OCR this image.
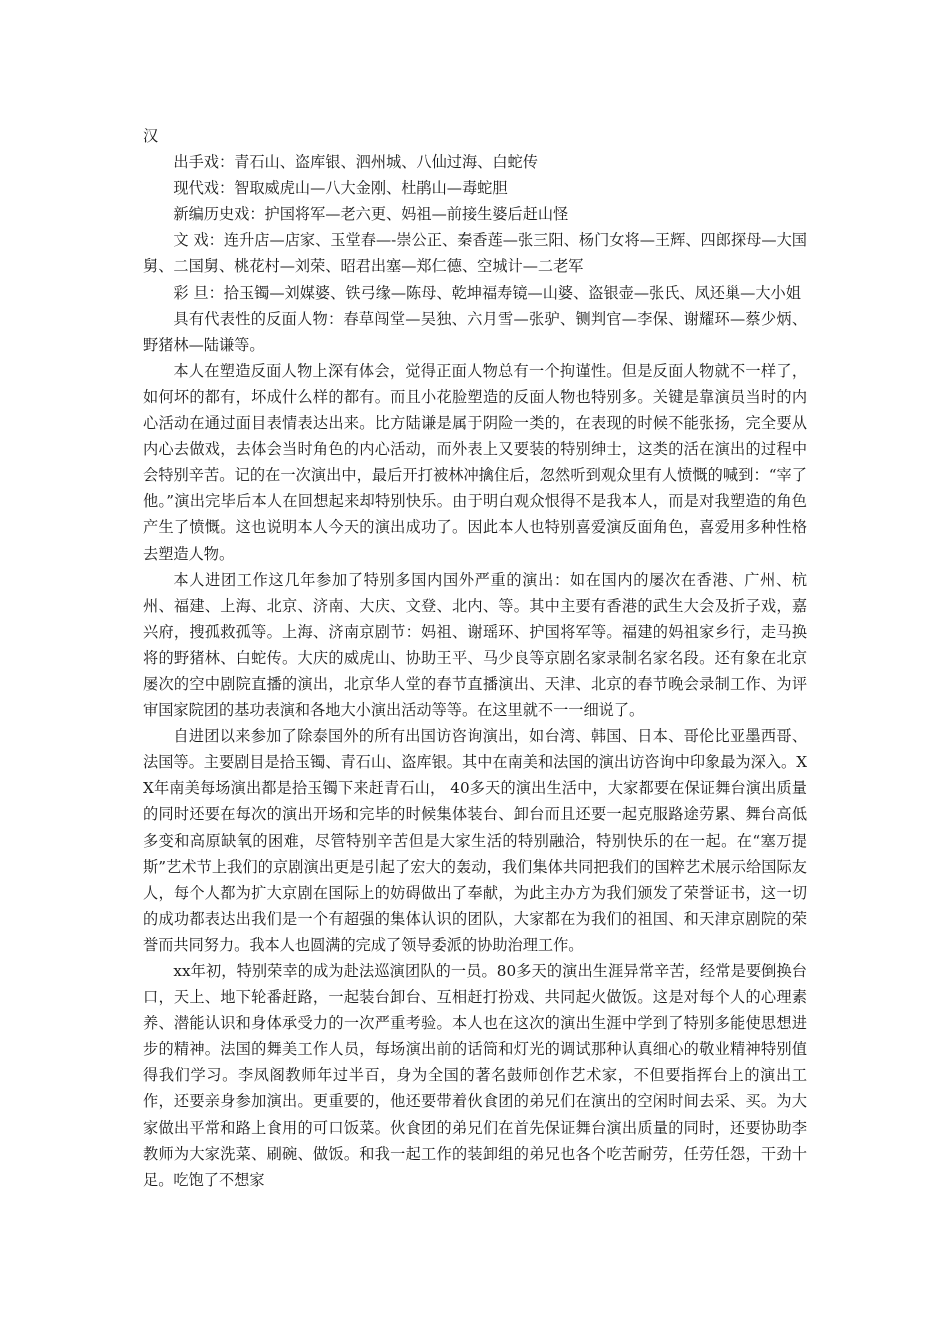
汉

出手戏：青石山、盗库银、泗州城、八仙过海、白蛇传

现代戏：智取威虎山—八大金刚、杜鹃山—毒蛇胆

新编历史戏：护国将军—老六更、妈祖—前接生婆后赶山怪

文 戏：连升店—店家、玉堂春—-崇公正、秦香莲—张三阳、杨门女将—王辉、四郎探母—大国舅、二国舅、桃花村—刘荣、昭君出塞—郑仁德、空城计—二老军

彩 旦：拾玉镯—刘媒婆、铁弓缘—陈母、乾坤福寿镜—山婆、盗银壶—张氏、凤还巢—大小姐

具有代表性的反面人物：春草闯堂—吴独、六月雪—张驴、铡判官—李保、谢耀环—蔡少炳、野猪林—陆谦等。

本人在塑造反面人物上深有体会，觉得正面人物总有一个拘谨性。但是反面人物就不一样了，如何坏的都有，坏成什么样的都有。而且小花脸塑造的反面人物也特别多。关键是靠演员当时的内心活动在通过面目表情表达出来。比方陆谦是属于阴险一类的，在表现的时候不能张扬，完全要从内心去做戏，去体会当时角色的内心活动，而外表上又要装的特别绅士，这类的活在演出的过程中会特别辛苦。记的在一次演出中，最后开打被林冲擒住后，忽然听到观众里有人愤慨的喊到：“宰了他。”演出完毕后本人在回想起来却特别快乐。由于明白观众恨得不是我本人，而是对我塑造的角色产生了愤慨。这也说明本人今天的演出成功了。因此本人也特别喜爱演反面角色，喜爱用多种性格去塑造人物。

本人进团工作这几年参加了特别多国内国外严重的演出：如在国内的屡次在香港、广州、杭州、福建、上海、北京、济南、大庆、文登、北内、等。其中主要有香港的武生大会及折子戏，嘉兴府，搜孤救孤等。上海、济南京剧节：妈祖、谢瑶环、护国将军等。福建的妈祖家乡行，走马换将的野猪林、白蛇传。大庆的威虎山、协助王平、马少良等京剧名家录制名家名段。还有象在北京屡次的空中剧院直播的演出，北京华人堂的春节直播演出、天津、北京的春节晚会录制工作、为评审国家院团的基功表演和各地大小演出活动等等。在这里就不一一细说了。

自进团以来参加了除泰国外的所有出国访咨询演出，如台湾、韩国、日本、哥伦比亚墨西哥、法国等。主要剧目是拾玉镯、青石山、盗库银。其中在南美和法国的演出访咨询中印象最为深入。XX年南美每场演出都是拾玉镯下来赶青石山， 40多天的演出生活中，大家都要在保证舞台演出质量的同时还要在每次的演出开场和完毕的时候集体装台、卸台而且还要一起克服路途劳累、舞台高低多变和高原缺氧的困难，尽管特别辛苦但是大家生活的特别融洽，特别快乐的在一起。在“塞万提斯”艺术节上我们的京剧演出更是引起了宏大的轰动，我们集体共同把我们的国粹艺术展示给国际友人，每个人都为扩大京剧在国际上的妨碍做出了奉献，为此主办方为我们颁发了荣誉证书，这一切的成功都表达出我们是一个有超强的集体认识的团队，大家都在为我们的祖国、和天津京剧院的荣誉而共同努力。我本人也圆满的完成了领导委派的协助治理工作。

xx年初，特别荣幸的成为赴法巡演团队的一员。80多天的演出生涯异常辛苦，经常是要倒换台口，天上、地下轮番赶路，一起装台卸台、互相赶打扮戏、共同起火做饭。这是对每个人的心理素养、潜能认识和身体承受力的一次严重考验。本人也在这次的演出生涯中学到了特别多能使思想进步的精神。法国的舞美工作人员，每场演出前的话筒和灯光的调试那种认真细心的敬业精神特别值得我们学习。李凤阁教师年过半百，身为全国的著名鼓师创作艺术家，不但要指挥台上的演出工作，还要亲身参加演出。更重要的，他还要带着伙食团的弟兄们在演出的空闲时间去采、买。为大家做出平常和路上食用的可口饭菜。伙食团的弟兄们在首先保证舞台演出质量的同时，还要协助李教师为大家洗菜、刷碗、做饭。和我一起工作的装卸组的弟兄也各个吃苦耐劳，任劳任怨，干劲十足。吃饱了不想家
